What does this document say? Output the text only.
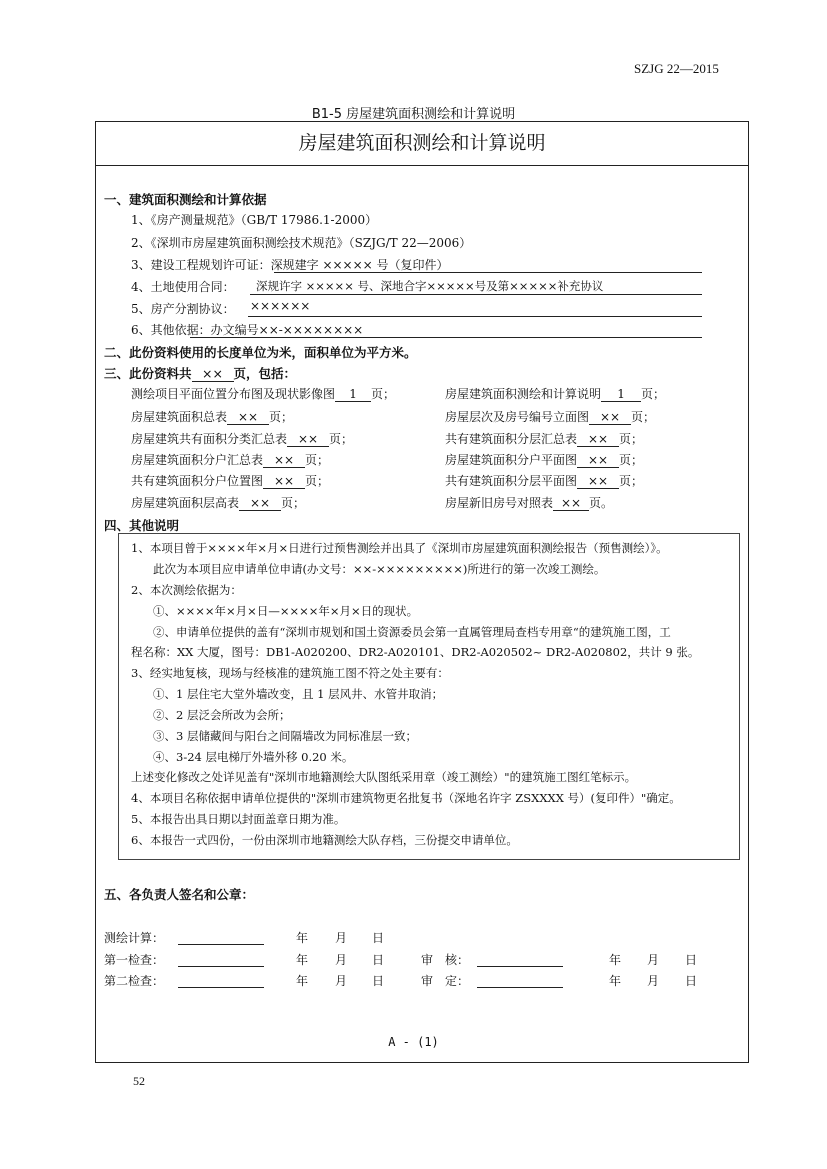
SZJG 22—2015
B1-5 房屋建筑面积测绘和计算说明
房屋建筑面积测绘和计算说明
一、建筑面积测绘和计算依据
1、《房产测量规范》（GB/T 17986.1-2000）
2、《深圳市房屋建筑面积测绘技术规范》（SZJG/T 22—2006）
3、建设工程规划许可证：深规建字 ××××× 号（复印件）
4、土地使用合同： 深规许字 ××××× 号、深地合字×××××号及第×××××补充协议
5、房产分割协议： ××××××
6、其他依据：办文编号××-××××××××
二、此份资料使用的长度单位为米，面积单位为平方米。
三、此份资料共 ×× 页，包括：
测绘项目平面位置分布图及现状影像图 1 页；	房屋建筑面积测绘和计算说明 1 页；
房屋建筑面积总表 ×× 页；	房屋层次及房号编号立面图 ×× 页；
房屋建筑共有面积分类汇总表 ×× 页；	共有建筑面积分层汇总表 ×× 页；
房屋建筑面积分户汇总表 ×× 页；	房屋建筑面积分户平面图 ×× 页；
共有建筑面积分户位置图 ×× 页；	共有建筑面积分层平面图 ×× 页；
房屋建筑面积层高表 ×× 页；	房屋新旧房号对照表 ×× 页。
四、其他说明
1、本项目曾于××××年×月×日进行过预售测绘并出具了《深圳市房屋建筑面积测绘报告（预售测绘）》。
此次为本项目应申请单位申请(办文号：××-×××××××××)所进行的第一次竣工测绘。
2、本次测绘依据为：
①、××××年×月×日—××××年×月×日的现状。
②、申请单位提供的盖有“深圳市规划和国土资源委员会第一直属管理局查档专用章“的建筑施工图，工
程名称：XX 大厦，图号：DB1-A020200、DR2-A020101、DR2-A020502~ DR2-A020802，共计 9 张。
3、经实地复核，现场与经核准的建筑施工图不符之处主要有：
①、1 层住宅大堂外墙改变，且 1 层风井、水管井取消；
②、2 层泛会所改为会所；
③、3 层储藏间与阳台之间隔墙改为同标准层一致；
④、3-24 层电梯厅外墙外移 0.20 米。
上述变化修改之处详见盖有"深圳市地籍测绘大队图纸采用章（竣工测绘）"的建筑施工图红笔标示。
4、本项目名称依据申请单位提供的"深圳市建筑物更名批复书（深地名许字 ZSXXXX 号）(复印件）"确定。
5、本报告出具日期以封面盖章日期为准。
6、本报告一式四份，一份由深圳市地籍测绘大队存档，三份提交申请单位。
五、各负责人签名和公章：
测绘计算：	年 月 日
第一检查：	年 月 日	审　核：	年 月 日
第二检查：	年 月 日	审　定：	年 月 日
A - (1)
52
